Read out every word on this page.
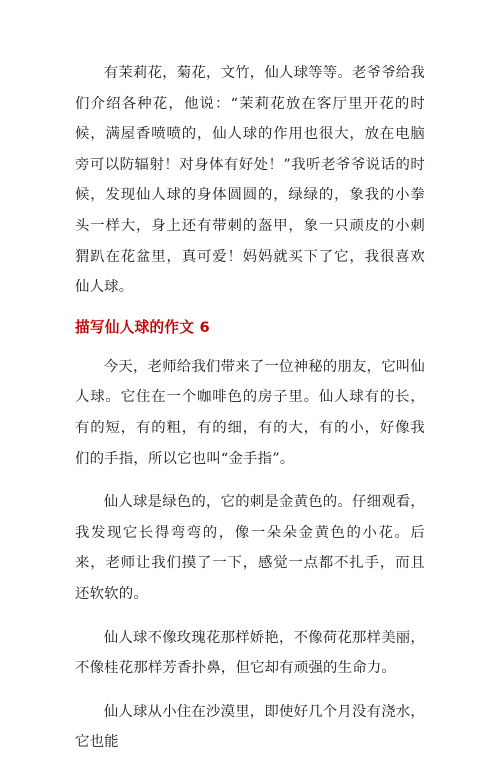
有茉莉花，菊花，文竹，仙人球等等。老爷爷给我们介绍各种花，他说：“茉莉花放在客厅里开花的时候，满屋香喷喷的，仙人球的作用也很大，放在电脑旁可以防辐射！对身体有好处！”我听老爷爷说话的时候，发现仙人球的身体圆圆的，绿绿的，象我的小拳头一样大，身上还有带刺的盔甲，象一只顽皮的小刺猬趴在花盆里，真可爱！妈妈就买下了它，我很喜欢仙人球。

描写仙人球的作文 6

今天，老师给我们带来了一位神秘的朋友，它叫仙人球。它住在一个咖啡色的房子里。仙人球有的长，有的短，有的粗，有的细，有的大，有的小，好像我们的手指，所以它也叫“金手指”。

仙人球是绿色的，它的刺是金黄色的。仔细观看，我发现它长得弯弯的，像一朵朵金黄色的小花。后来，老师让我们摸了一下，感觉一点都不扎手，而且还软软的。

仙人球不像玫瑰花那样娇艳，不像荷花那样美丽，不像桂花那样芳香扑鼻，但它却有顽强的生命力。

仙人球从小住在沙漠里，即使好几个月没有浇水，它也能
